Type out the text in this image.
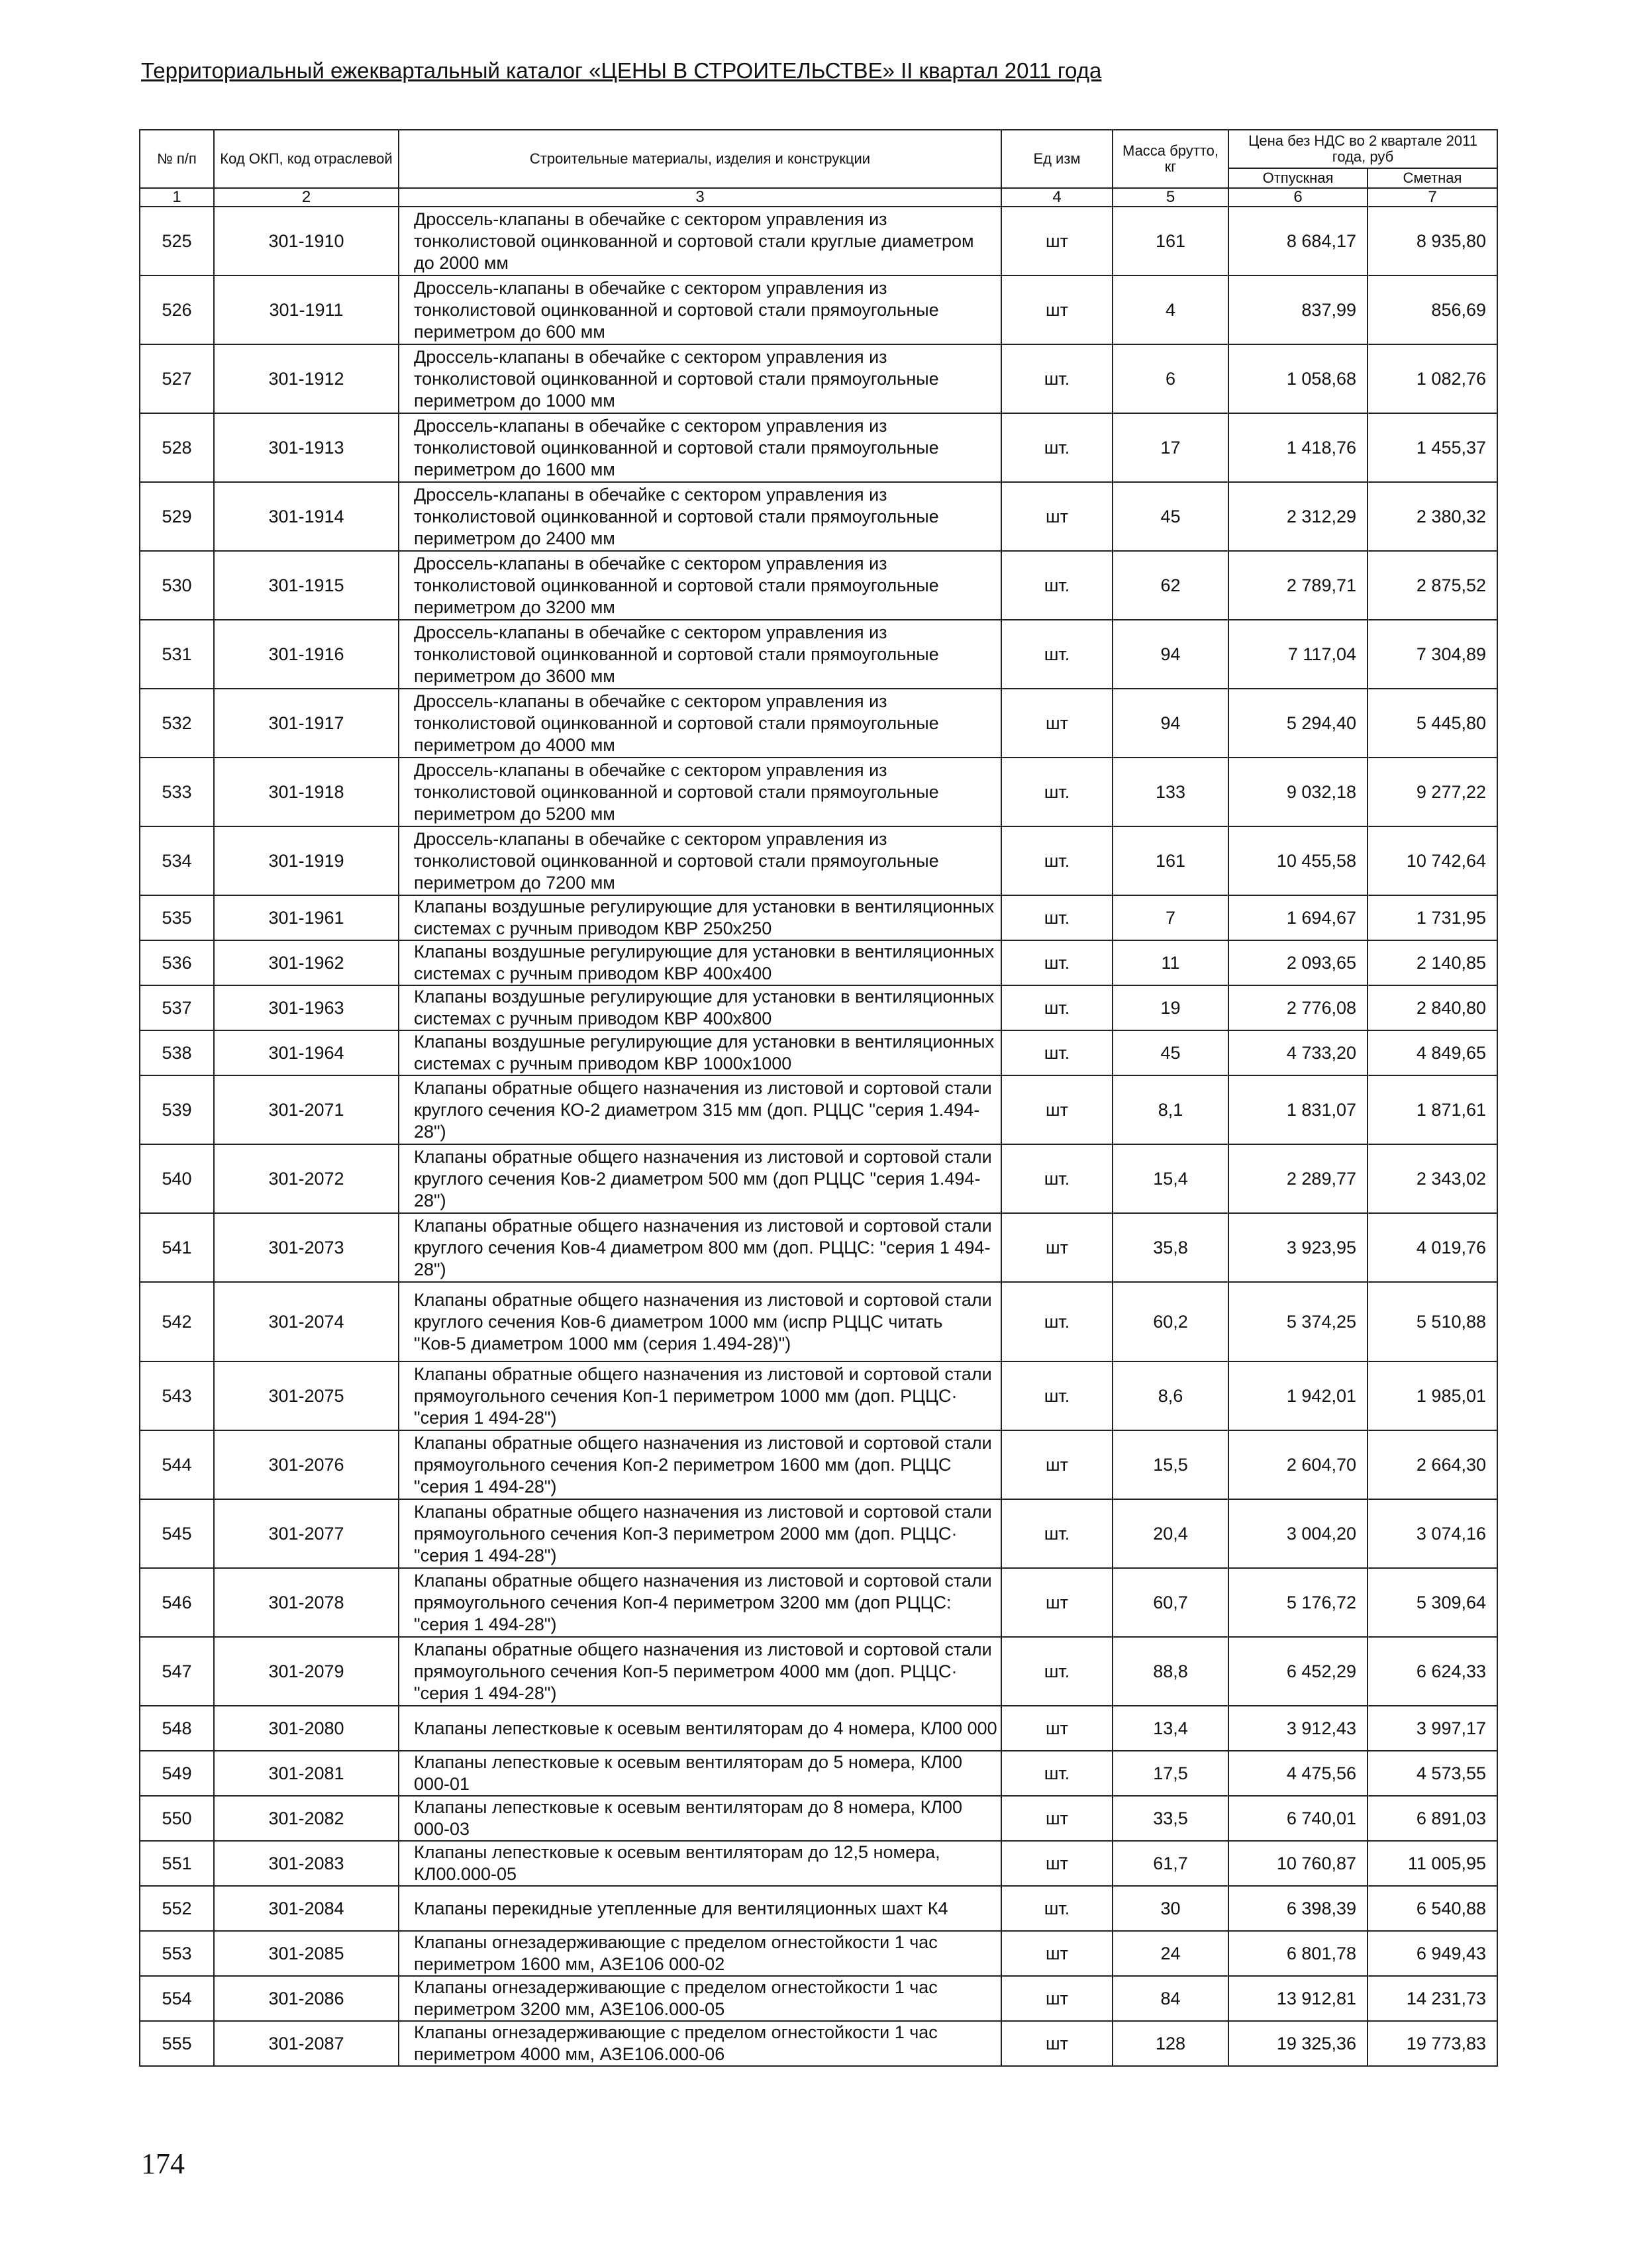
Территориальный ежеквартальный каталог «ЦЕНЫ В СТРОИТЕЛЬСТВЕ» II квартал 2011 года
№ п/п	Код ОКП, код отраслевой	Строительные материалы, изделия и конструкции	Ед изм	Масса брутто, кг	Цена без НДС во 2 квартале 2011 года, руб	
					Отпускная	Сметная
1	2	3	4	5	6	7
525	301-1910	Дроссель-клапаны в обечайке с сектором управления из тонколистовой оцинкованной и сортовой стали круглые диаметром до 2000 мм	шт	161	8 684,17	8 935,80
526	301-1911	Дроссель-клапаны в обечайке с сектором управления из тонколистовой оцинкованной и сортовой стали прямоугольные периметром до 600 мм	шт	4	837,99	856,69
527	301-1912	Дроссель-клапаны в обечайке с сектором управления из тонколистовой оцинкованной и сортовой стали прямоугольные периметром до 1000 мм	шт.	6	1 058,68	1 082,76
528	301-1913	Дроссель-клапаны в обечайке с сектором управления из тонколистовой оцинкованной и сортовой стали прямоугольные периметром до 1600 мм	шт.	17	1 418,76	1 455,37
529	301-1914	Дроссель-клапаны в обечайке с сектором управления из тонколистовой оцинкованной и сортовой стали прямоугольные периметром до 2400 мм	шт	45	2 312,29	2 380,32
530	301-1915	Дроссель-клапаны в обечайке с сектором управления из тонколистовой оцинкованной и сортовой стали прямоугольные периметром до 3200 мм	шт.	62	2 789,71	2 875,52
531	301-1916	Дроссель-клапаны в обечайке с сектором управления из тонколистовой оцинкованной и сортовой стали прямоугольные периметром до 3600 мм	шт.	94	7 117,04	7 304,89
532	301-1917	Дроссель-клапаны в обечайке с сектором управления из тонколистовой оцинкованной и сортовой стали прямоугольные периметром до 4000 мм	шт	94	5 294,40	5 445,80
533	301-1918	Дроссель-клапаны в обечайке с сектором управления из тонколистовой оцинкованной и сортовой стали прямоугольные периметром до 5200 мм	шт.	133	9 032,18	9 277,22
534	301-1919	Дроссель-клапаны в обечайке с сектором управления из тонколистовой оцинкованной и сортовой стали прямоугольные периметром до 7200 мм	шт.	161	10 455,58	10 742,64
535	301-1961	Клапаны воздушные регулирующие для установки в вентиляционных системах с ручным приводом КВР 250x250	шт.	7	1 694,67	1 731,95
536	301-1962	Клапаны воздушные регулирующие для установки в вентиляционных системах с ручным приводом КВР 400x400	шт.	11	2 093,65	2 140,85
537	301-1963	Клапаны воздушные регулирующие для установки в вентиляционных системах с ручным приводом КВР 400x800	шт.	19	2 776,08	2 840,80
538	301-1964	Клапаны воздушные регулирующие для установки в вентиляционных системах с ручным приводом КВР 1000x1000	шт.	45	4 733,20	4 849,65
539	301-2071	Клапаны обратные общего назначения из листовой и сортовой стали круглого сечения КО-2 диаметром 315 мм (доп. РЦЦС "серия 1.494-28")	шт	8,1	1 831,07	1 871,61
540	301-2072	Клапаны обратные общего назначения из листовой и сортовой стали круглого сечения Ков-2 диаметром 500 мм (доп РЦЦС "серия 1.494-28")	шт.	15,4	2 289,77	2 343,02
541	301-2073	Клапаны обратные общего назначения из листовой и сортовой стали круглого сечения Ков-4 диаметром 800 мм (доп. РЦЦС: "серия 1 494-28")	шт	35,8	3 923,95	4 019,76
542	301-2074	Клапаны обратные общего назначения из листовой и сортовой стали круглого сечения Ков-6 диаметром 1000 мм (испр РЦЦС читать "Ков-5 диаметром 1000 мм (серия 1.494-28)")	шт.	60,2	5 374,25	5 510,88
543	301-2075	Клапаны обратные общего назначения из листовой и сортовой стали прямоугольного сечения Коп-1 периметром 1000 мм (доп. РЦЦС· "серия 1 494-28")	шт.	8,6	1 942,01	1 985,01
544	301-2076	Клапаны обратные общего назначения из листовой и сортовой стали прямоугольного сечения Коп-2 периметром 1600 мм (доп. РЦЦС "серия 1 494-28")	шт	15,5	2 604,70	2 664,30
545	301-2077	Клапаны обратные общего назначения из листовой и сортовой стали прямоугольного сечения Коп-3 периметром 2000 мм (доп. РЦЦС· "серия 1 494-28")	шт.	20,4	3 004,20	3 074,16
546	301-2078	Клапаны обратные общего назначения из листовой и сортовой стали прямоугольного сечения Коп-4 периметром 3200 мм (доп РЦЦС: "серия 1 494-28")	шт	60,7	5 176,72	5 309,64
547	301-2079	Клапаны обратные общего назначения из листовой и сортовой стали прямоугольного сечения Коп-5 периметром 4000 мм (доп. РЦЦС· "серия 1 494-28")	шт.	88,8	6 452,29	6 624,33
548	301-2080	Клапаны лепестковые к осевым вентиляторам до 4 номера, КЛ00 000	шт	13,4	3 912,43	3 997,17
549	301-2081	Клапаны лепестковые к осевым вентиляторам до 5 номера, КЛ00 000-01	шт.	17,5	4 475,56	4 573,55
550	301-2082	Клапаны лепестковые к осевым вентиляторам до 8 номера, КЛ00 000-03	шт	33,5	6 740,01	6 891,03
551	301-2083	Клапаны лепестковые к осевым вентиляторам до 12,5 номера, КЛ00.000-05	шт	61,7	10 760,87	11 005,95
552	301-2084	Клапаны перекидные утепленные для вентиляционных шахт К4	шт.	30	6 398,39	6 540,88
553	301-2085	Клапаны огнезадерживающие с пределом огнестойкости 1 час периметром 1600 мм, АЗЕ106 000-02	шт	24	6 801,78	6 949,43
554	301-2086	Клапаны огнезадерживающие с пределом огнестойкости 1 час периметром 3200 мм, АЗЕ106.000-05	шт	84	13 912,81	14 231,73
555	301-2087	Клапаны огнезадерживающие с пределом огнестойкости 1 час периметром 4000 мм, АЗЕ106.000-06	шт	128	19 325,36	19 773,83
174
